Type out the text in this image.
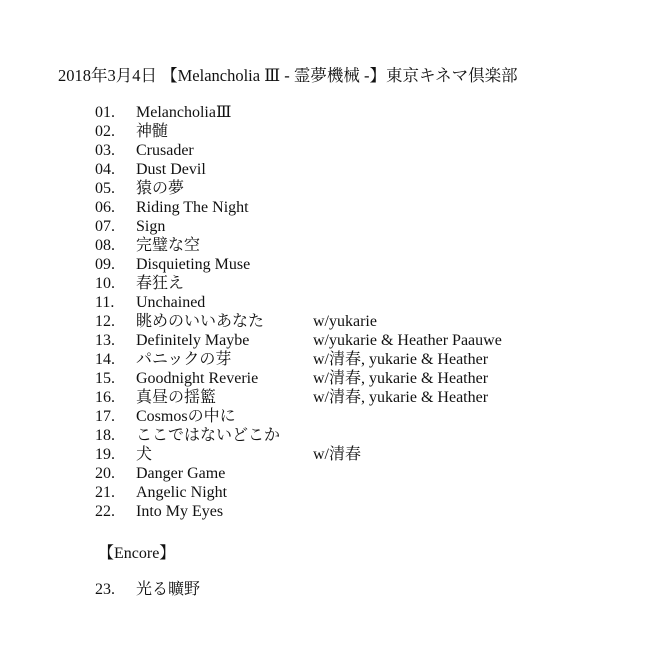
2018年3月4日 【Melancholia Ⅲ - 霊夢機械 -】東京キネマ倶楽部
01.	MelancholiaⅢ
02.	神髄
03.	Crusader
04.	Dust Devil
05.	猿の夢
06.	Riding The Night
07.	Sign
08.	完璧な空
09.	Disquieting Muse
10.	春狂え
11.	Unchained
12.	眺めのいいあなた	w/yukarie
13.	Definitely Maybe	w/yukarie & Heather Paauwe
14.	パニックの芽	w/清春, yukarie & Heather
15.	Goodnight Reverie	w/清春, yukarie & Heather
16.	真昼の揺籃	w/清春, yukarie & Heather
17.	Cosmosの中に
18.	ここではないどこか
19.	犬	w/清春
20.	Danger Game
21.	Angelic Night
22.	Into My Eyes
【Encore】
23.	光る曠野
